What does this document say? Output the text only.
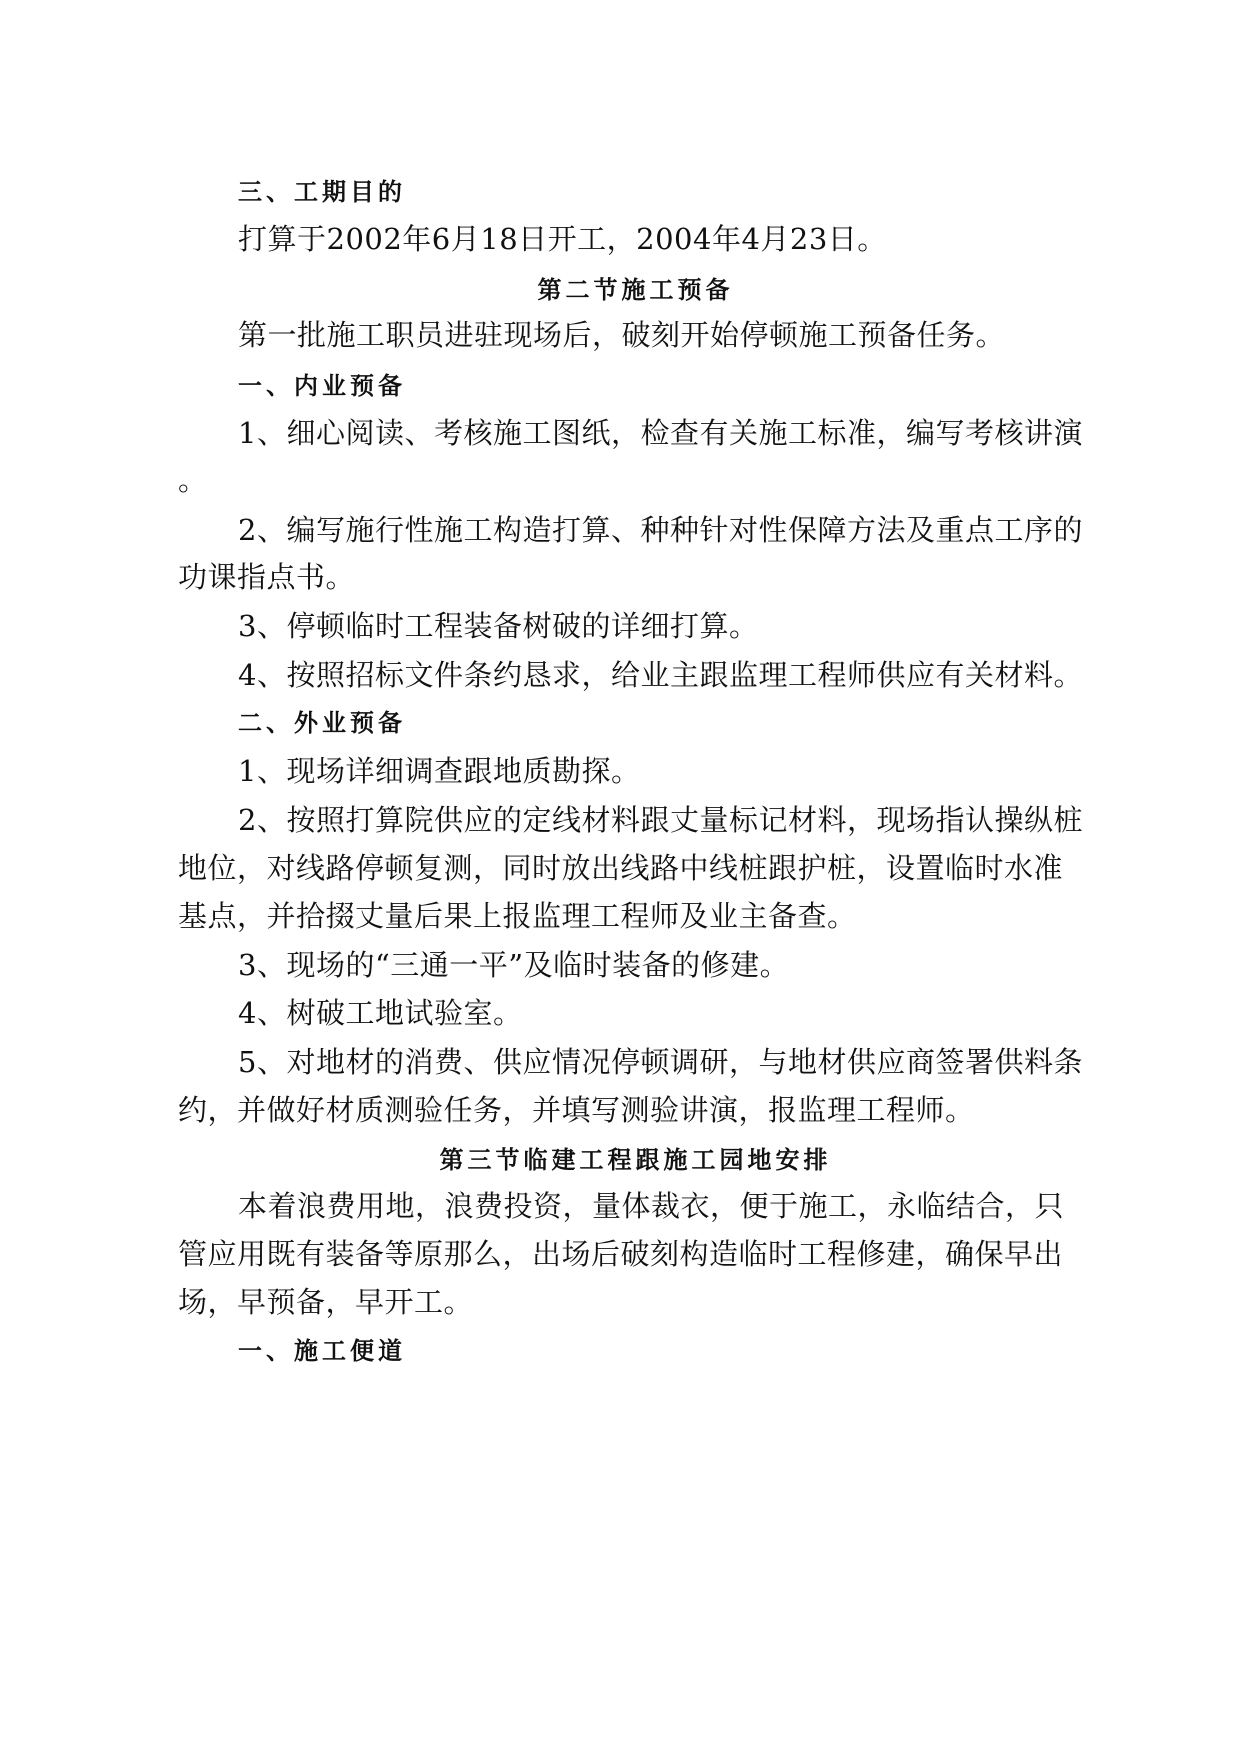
三、工期目的
打算于2002年6月18日开工，2004年4月23日。
第二节施工预备
第一批施工职员进驻现场后，破刻开始停顿施工预备任务。
一、内业预备
1、细心阅读、考核施工图纸，检查有关施工标准，编写考核讲演
。
2、编写施行性施工构造打算、种种针对性保障方法及重点工序的
功课指点书。
3、停顿临时工程装备树破的详细打算。
4、按照招标文件条约恳求，给业主跟监理工程师供应有关材料。
二、外业预备
1、现场详细调查跟地质勘探。
2、按照打算院供应的定线材料跟丈量标记材料，现场指认操纵桩
地位，对线路停顿复测，同时放出线路中线桩跟护桩，设置临时水准
基点，并拾掇丈量后果上报监理工程师及业主备查。
3、现场的“三通一平”及临时装备的修建。
4、树破工地试验室。
5、对地材的消费、供应情况停顿调研，与地材供应商签署供料条
约，并做好材质测验任务，并填写测验讲演，报监理工程师。
第三节临建工程跟施工园地安排
本着浪费用地，浪费投资，量体裁衣，便于施工，永临结合，只
管应用既有装备等原那么，出场后破刻构造临时工程修建，确保早出
场，早预备，早开工。
一、施工便道
